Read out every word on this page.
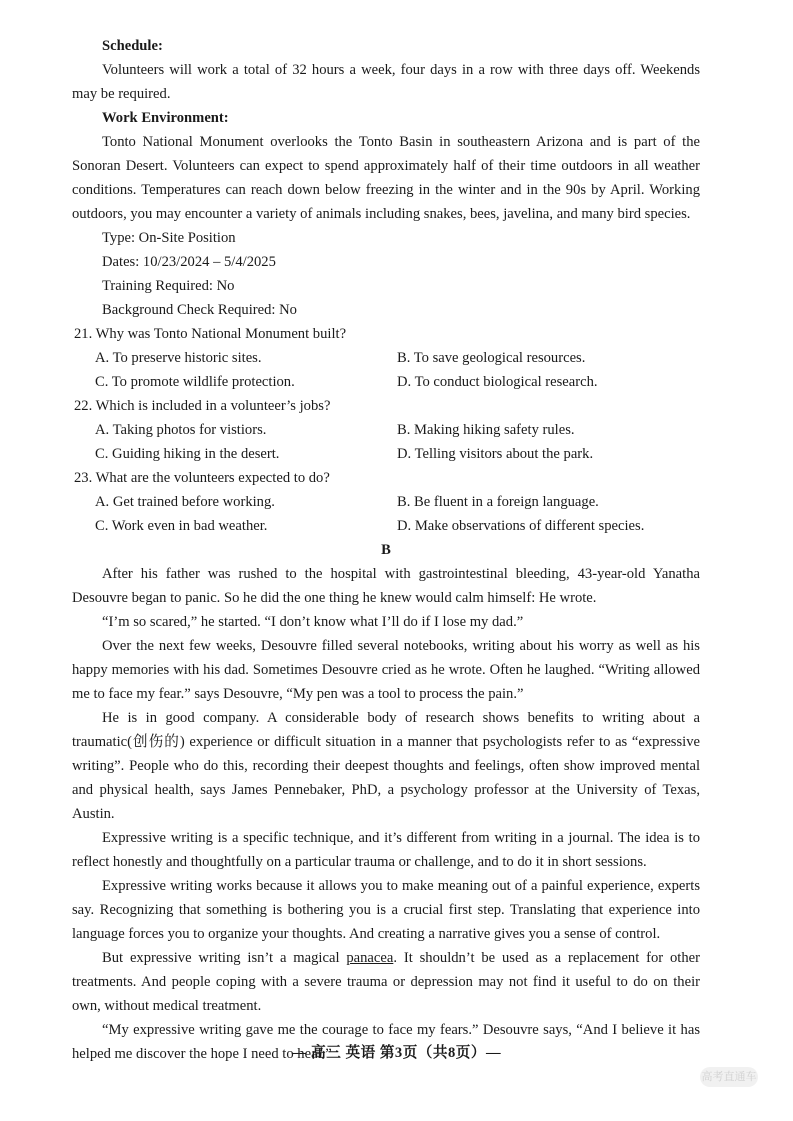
Schedule:

Volunteers will work a total of 32 hours a week, four days in a row with three days off. Weekends may be required.

Work Environment:

Tonto National Monument overlooks the Tonto Basin in southeastern Arizona and is part of the Sonoran Desert. Volunteers can expect to spend approximately half of their time outdoors in all weather conditions. Temperatures can reach down below freezing in the winter and in the 90s by April. Working outdoors, you may encounter a variety of animals including snakes, bees, javelina, and many bird species.

Type: On-Site Position

Dates: 10/23/2024 – 5/4/2025

Training Required: No

Background Check Required: No

21. Why was Tonto National Monument built?

A. To preserve historic sites.	B. To save geological resources.
C. To promote wildlife protection.	D. To conduct biological research.

22. Which is included in a volunteer’s jobs?

A. Taking photos for vistiors.	B. Making hiking safety rules.
C. Guiding hiking in the desert.	D. Telling visitors about the park.

23. What are the volunteers expected to do?

A. Get trained before working.	B. Be fluent in a foreign language.
C. Work even in bad weather.	D. Make observations of different species.

B

After his father was rushed to the hospital with gastrointestinal bleeding, 43-year-old Yanatha Desouvre began to panic. So he did the one thing he knew would calm himself: He wrote.

“I’m so scared,” he started. “I don’t know what I’ll do if I lose my dad.”

Over the next few weeks, Desouvre filled several notebooks, writing about his worry as well as his happy memories with his dad. Sometimes Desouvre cried as he wrote. Often he laughed. “Writing allowed me to face my fear.” says Desouvre, “My pen was a tool to process the pain.”

He is in good company. A considerable body of research shows benefits to writing about a traumatic(创伤的) experience or difficult situation in a manner that psychologists refer to as “expressive writing”. People who do this, recording their deepest thoughts and feelings, often show improved mental and physical health, says James Pennebaker, PhD, a psychology professor at the University of Texas, Austin.

Expressive writing is a specific technique, and it’s different from writing in a journal. The idea is to reflect honestly and thoughtfully on a particular trauma or challenge, and to do it in short sessions.

Expressive writing works because it allows you to make meaning out of a painful experience, experts say. Recognizing that something is bothering you is a crucial first step. Translating that experience into language forces you to organize your thoughts. And creating a narrative gives you a sense of control.

But expressive writing isn’t a magical panacea. It shouldn’t be used as a replacement for other treatments. And people coping with a severe trauma or depression may not find it useful to do on their own, without medical treatment.

“My expressive writing gave me the courage to face my fears.” Desouvre says, “And I believe it has helped me discover the hope I need to heal.”

— 高三 英语 第3页（共8页）—
高考直通车
